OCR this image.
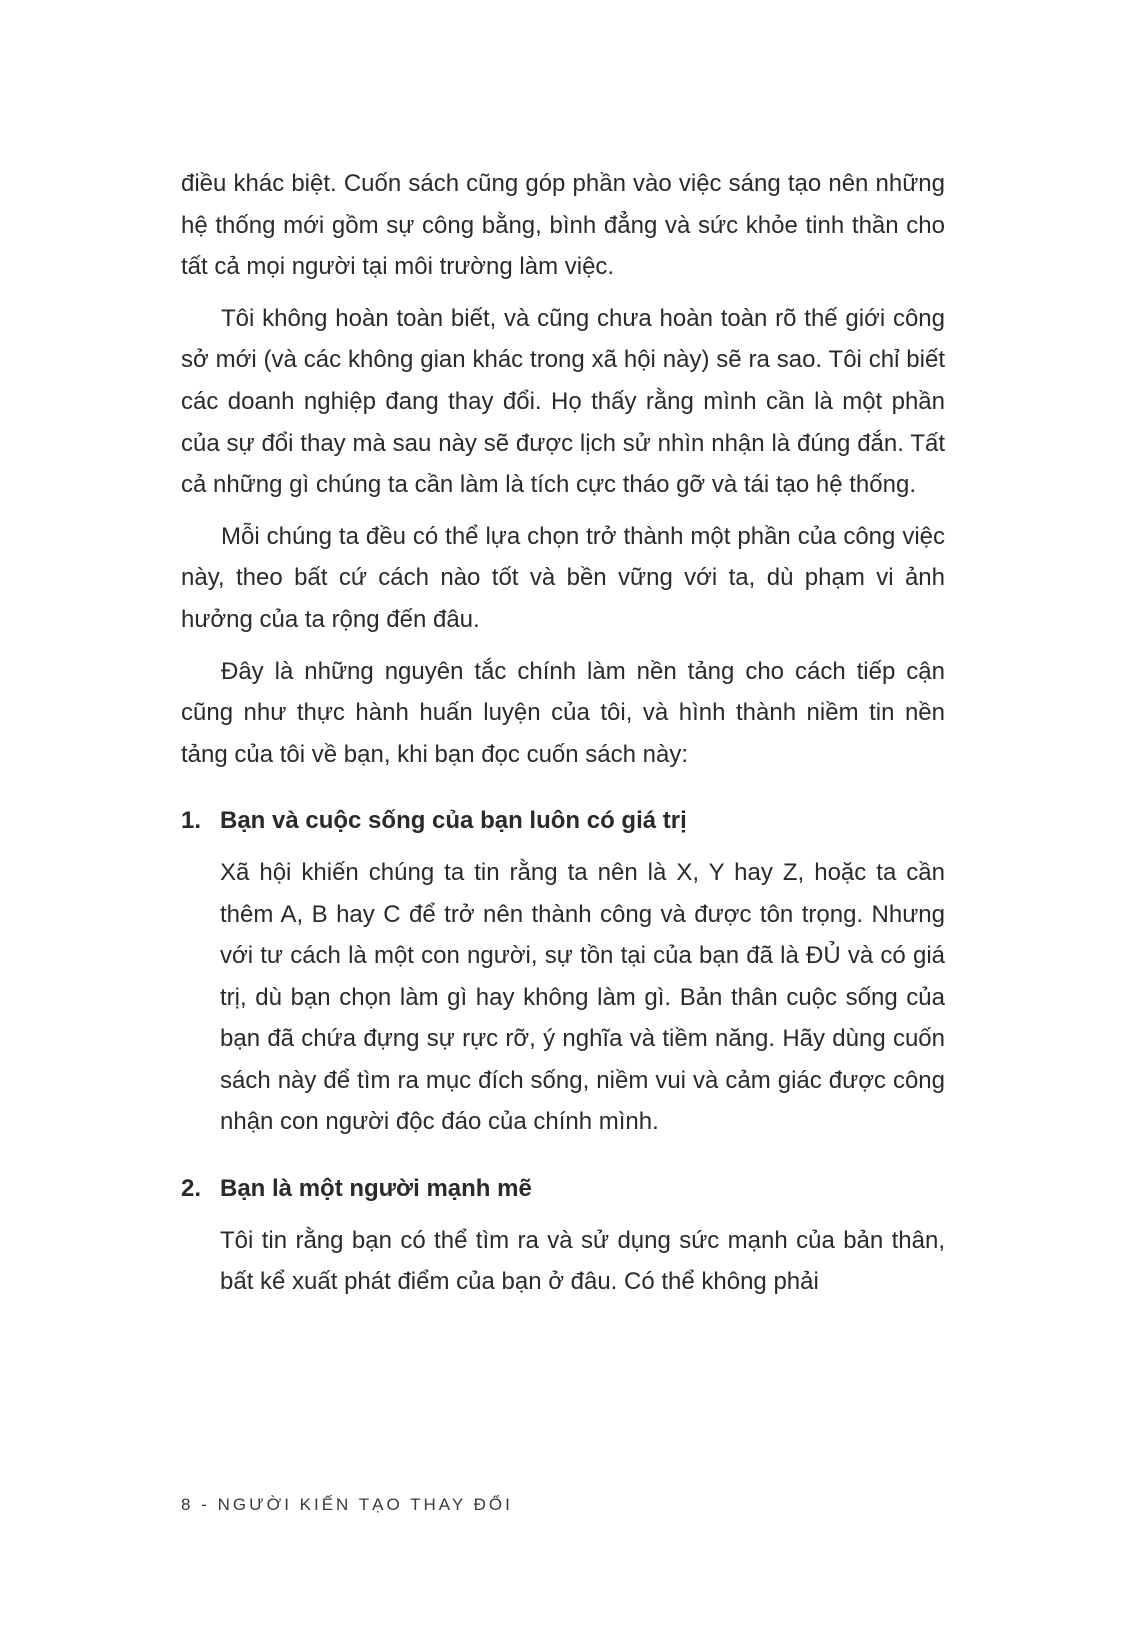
điều khác biệt. Cuốn sách cũng góp phần vào việc sáng tạo nên những hệ thống mới gồm sự công bằng, bình đẳng và sức khỏe tinh thần cho tất cả mọi người tại môi trường làm việc.

Tôi không hoàn toàn biết, và cũng chưa hoàn toàn rõ thế giới công sở mới (và các không gian khác trong xã hội này) sẽ ra sao. Tôi chỉ biết các doanh nghiệp đang thay đổi. Họ thấy rằng mình cần là một phần của sự đổi thay mà sau này sẽ được lịch sử nhìn nhận là đúng đắn. Tất cả những gì chúng ta cần làm là tích cực tháo gỡ và tái tạo hệ thống.

Mỗi chúng ta đều có thể lựa chọn trở thành một phần của công việc này, theo bất cứ cách nào tốt và bền vững với ta, dù phạm vi ảnh hưởng của ta rộng đến đâu.

Đây là những nguyên tắc chính làm nền tảng cho cách tiếp cận cũng như thực hành huấn luyện của tôi, và hình thành niềm tin nền tảng của tôi về bạn, khi bạn đọc cuốn sách này:

1. Bạn và cuộc sống của bạn luôn có giá trị
Xã hội khiến chúng ta tin rằng ta nên là X, Y hay Z, hoặc ta cần thêm A, B hay C để trở nên thành công và được tôn trọng. Nhưng với tư cách là một con người, sự tồn tại của bạn đã là ĐỦ và có giá trị, dù bạn chọn làm gì hay không làm gì. Bản thân cuộc sống của bạn đã chứa đựng sự rực rỡ, ý nghĩa và tiềm năng. Hãy dùng cuốn sách này để tìm ra mục đích sống, niềm vui và cảm giác được công nhận con người độc đáo của chính mình.
2. Bạn là một người mạnh mẽ
Tôi tin rằng bạn có thể tìm ra và sử dụng sức mạnh của bản thân, bất kể xuất phát điểm của bạn ở đâu. Có thể không phải
8 - NGƯỜI KIẾN TẠO THAY ĐỔI
